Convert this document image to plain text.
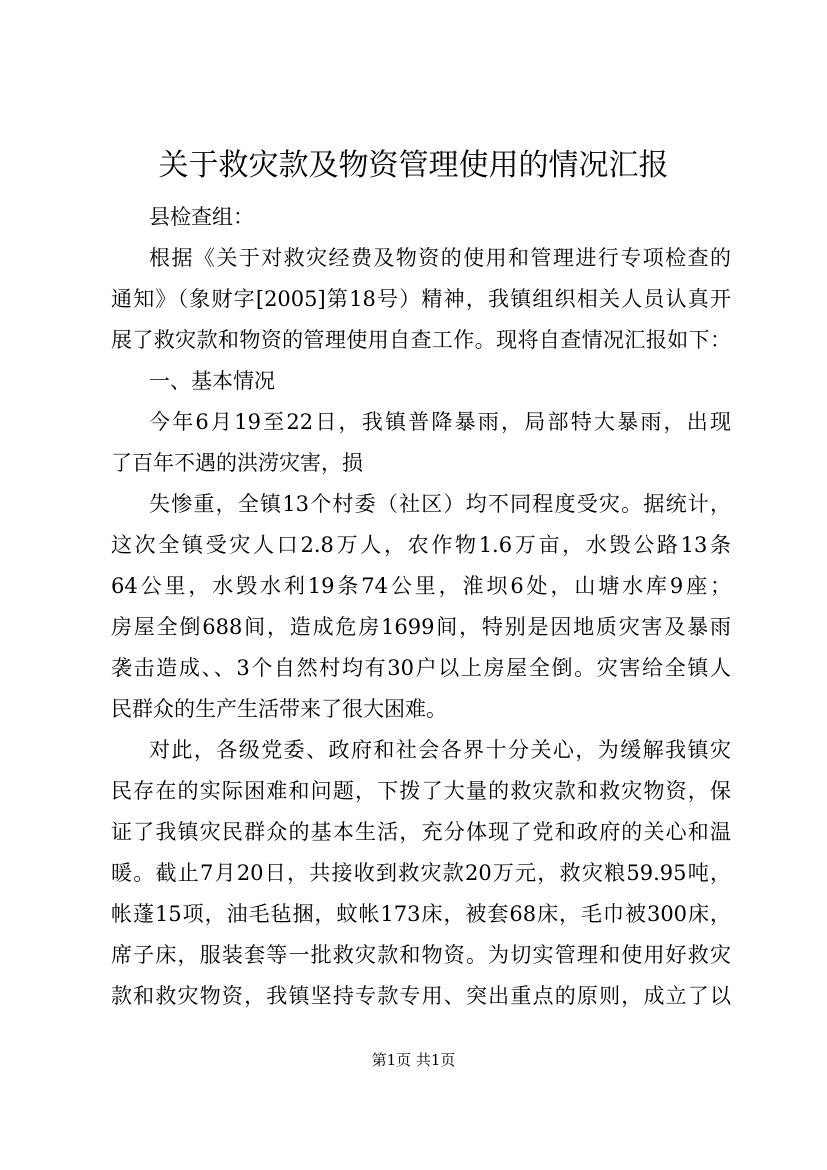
关于救灾款及物资管理使用的情况汇报
县检查组：
根据《关于对救灾经费及物资的使用和管理进行专项检查的
通知》（象财字[2005]第18号）精神，我镇组织相关人员认真开
展了救灾款和物资的管理使用自查工作。现将自查情况汇报如下：
一、基本情况
今年6月19至22日，我镇普降暴雨，局部特大暴雨，出现
了百年不遇的洪涝灾害，损
失惨重，全镇13个村委（社区）均不同程度受灾。据统计，
这次全镇受灾人口2.8万人，农作物1.6万亩，水毁公路13条
64公里，水毁水利19条74公里，淮坝6处，山塘水库9座；
房屋全倒688间，造成危房1699间，特别是因地质灾害及暴雨
袭击造成、、3个自然村均有30户以上房屋全倒。灾害给全镇人
民群众的生产生活带来了很大困难。
对此，各级党委、政府和社会各界十分关心，为缓解我镇灾
民存在的实际困难和问题，下拨了大量的救灾款和救灾物资，保
证了我镇灾民群众的基本生活，充分体现了党和政府的关心和温
暖。截止7月20日，共接收到救灾款20万元，救灾粮59.95吨，
帐蓬15项，油毛毡捆，蚊帐173床，被套68床，毛巾被300床，
席子床，服装套等一批救灾款和物资。为切实管理和使用好救灾
款和救灾物资，我镇坚持专款专用、突出重点的原则，成立了以
第1页 共1页
